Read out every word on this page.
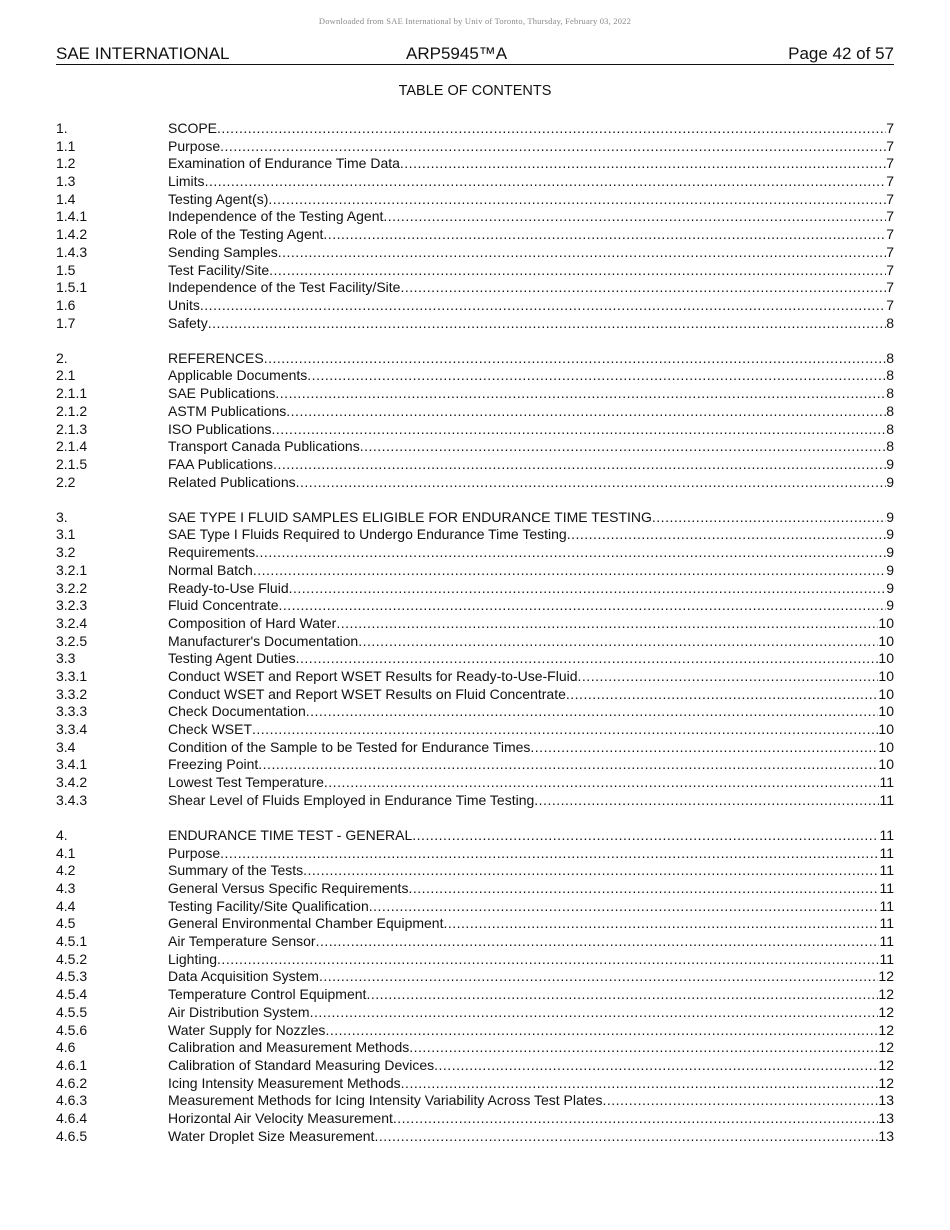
Downloaded from SAE International by Univ of Toronto, Thursday, February 03, 2022
SAE INTERNATIONAL	ARP5945™A	Page 42 of 57
TABLE OF CONTENTS
1.	SCOPE .....	7
1.1	Purpose .....	7
1.2	Examination of Endurance Time Data .....	7
1.3	Limits .....	7
1.4	Testing Agent(s) .....	7
1.4.1	Independence of the Testing Agent .....	7
1.4.2	Role of the Testing Agent .....	7
1.4.3	Sending Samples .....	7
1.5	Test Facility/Site .....	7
1.5.1	Independence of the Test Facility/Site .....	7
1.6	Units .....	7
1.7	Safety .....	8
2.	REFERENCES .....	8
2.1	Applicable Documents .....	8
2.1.1	SAE Publications .....	8
2.1.2	ASTM Publications .....	8
2.1.3	ISO Publications .....	8
2.1.4	Transport Canada Publications .....	8
2.1.5	FAA Publications .....	9
2.2	Related Publications .....	9
3.	SAE TYPE I FLUID SAMPLES ELIGIBLE FOR ENDURANCE TIME TESTING .....	9
3.1	SAE Type I Fluids Required to Undergo Endurance Time Testing .....	9
3.2	Requirements .....	9
3.2.1	Normal Batch .....	9
3.2.2	Ready-to-Use Fluid .....	9
3.2.3	Fluid Concentrate .....	9
3.2.4	Composition of Hard Water .....	10
3.2.5	Manufacturer's Documentation .....	10
3.3	Testing Agent Duties .....	10
3.3.1	Conduct WSET and Report WSET Results for Ready-to-Use-Fluid .....	10
3.3.2	Conduct WSET and Report WSET Results on Fluid Concentrate .....	10
3.3.3	Check Documentation .....	10
3.3.4	Check WSET .....	10
3.4	Condition of the Sample to be Tested for Endurance Times .....	10
3.4.1	Freezing Point .....	10
3.4.2	Lowest Test Temperature .....	11
3.4.3	Shear Level of Fluids Employed in Endurance Time Testing .....	11
4.	ENDURANCE TIME TEST - GENERAL .....	11
4.1	Purpose .....	11
4.2	Summary of the Tests .....	11
4.3	General Versus Specific Requirements .....	11
4.4	Testing Facility/Site Qualification .....	11
4.5	General Environmental Chamber Equipment .....	11
4.5.1	Air Temperature Sensor .....	11
4.5.2	Lighting .....	11
4.5.3	Data Acquisition System .....	12
4.5.4	Temperature Control Equipment .....	12
4.5.5	Air Distribution System .....	12
4.5.6	Water Supply for Nozzles .....	12
4.6	Calibration and Measurement Methods .....	12
4.6.1	Calibration of Standard Measuring Devices .....	12
4.6.2	Icing Intensity Measurement Methods .....	12
4.6.3	Measurement Methods for Icing Intensity Variability Across Test Plates .....	13
4.6.4	Horizontal Air Velocity Measurement .....	13
4.6.5	Water Droplet Size Measurement .....	13
